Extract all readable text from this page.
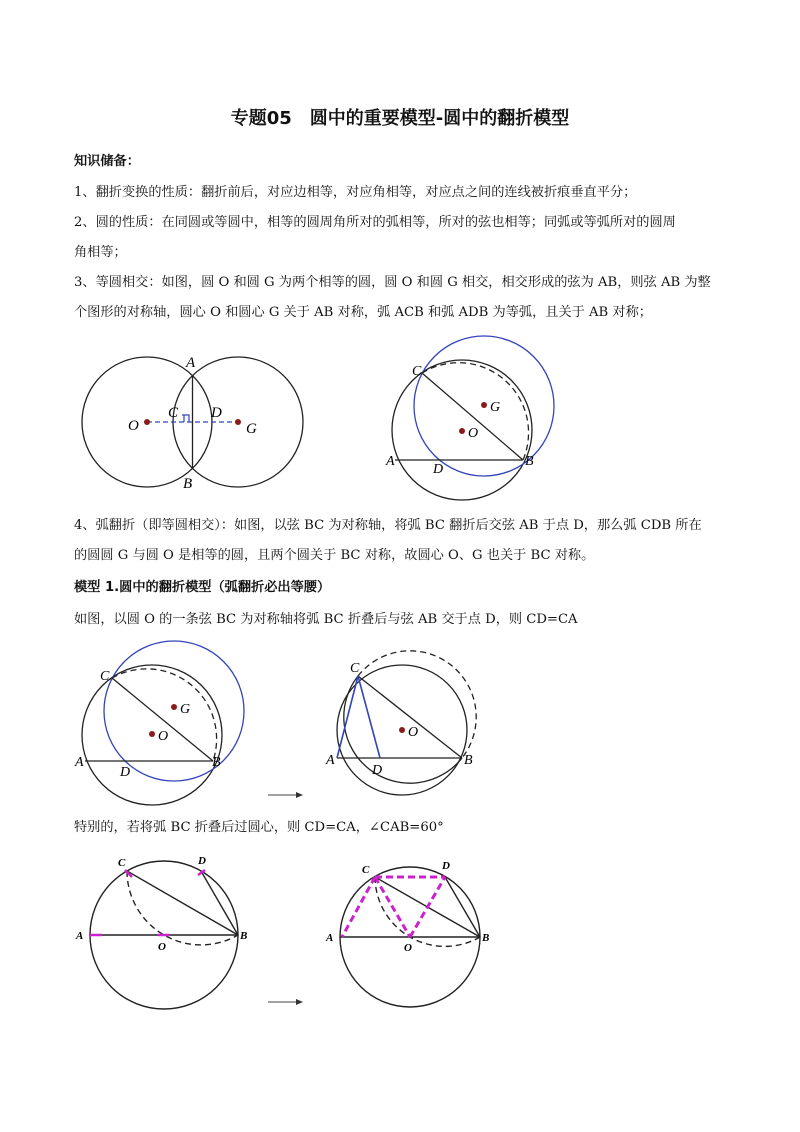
专题05　圆中的重要模型-圆中的翻折模型
知识储备：
1、翻折变换的性质：翻折前后，对应边相等，对应角相等，对应点之间的连线被折痕垂直平分；
2、圆的性质：在同圆或等圆中，相等的圆周角所对的弧相等，所对的弦也相等；同弧或等弧所对的圆周
角相等；
3、等圆相交：如图，圆 O 和圆 G 为两个相等的圆，圆 O 和圆 G 相交，相交形成的弦为 AB，则弦 AB 为整
个图形的对称轴，圆心 O 和圆心 G 关于 AB 对称，弧 ACB 和弧 ADB 为等弧，且关于 AB 对称；
A
B
C D
O	G
C
G
O
A
D
B
4、弧翻折（即等圆相交）：如图，以弦 BC 为对称轴，将弧 BC 翻折后交弦 AB 于点 D，那么弧 CDB 所在
的圆圆 G 与圆 O 是相等的圆，且两个圆关于 BC 对称，故圆心 O、G 也关于 BC 对称。
模型 1.圆中的翻折模型（弧翻折必出等腰）
如图，以圆 O 的一条弦 BC 为对称轴将弧 BC 折叠后与弦 AB 交于点 D，则 CD=CA
C
G
O
A
D
B
C
O
A
D
B
特别的，若将弧 BC 折叠后过圆心，则 CD=CA，∠CAB=60°
C	D
A
O
B
C	D
A
O
B
